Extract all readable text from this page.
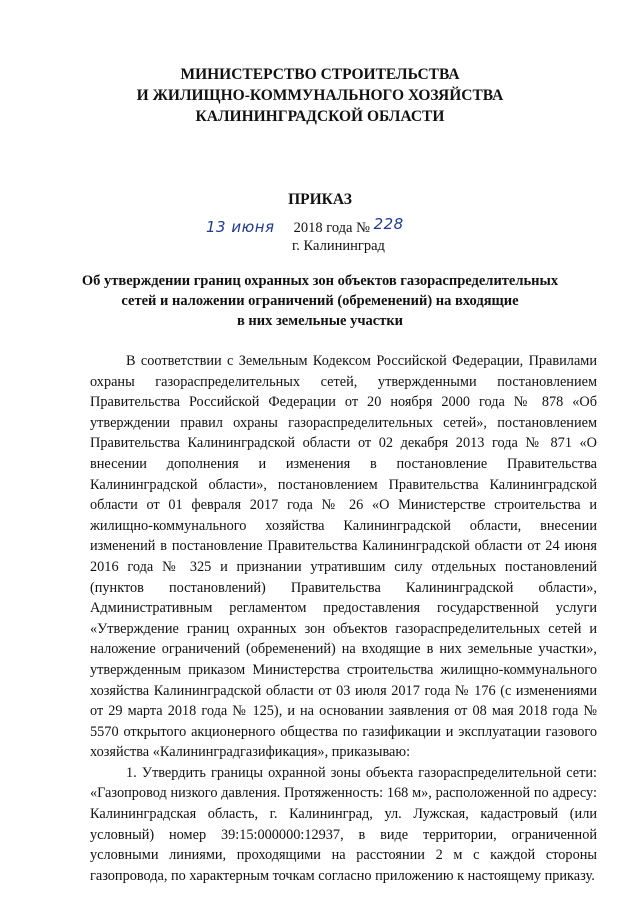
МИНИСТЕРСТВО СТРОИТЕЛЬСТВА
И ЖИЛИЩНО-КОММУНАЛЬНОГО ХОЗЯЙСТВА
КАЛИНИНГРАДСКОЙ ОБЛАСТИ
ПРИКАЗ
13 июня 2018 года № 228
г. Калининград
Об утверждении границ охранных зон объектов газораспределительных
сетей и наложении ограничений (обременений) на входящие
в них земельные участки

В соответствии с Земельным Кодексом Российской Федерации, Правилами охраны газораспределительных сетей, утвержденными постановлением Правительства Российской Федерации от 20 ноября 2000 года № 878 «Об утверждении правил охраны газораспределительных сетей», постановлением Правительства Калининградской области от 02 декабря 2013 года № 871 «О внесении дополнения и изменения в постановление Правительства Калининградской области», постановлением Правительства Калининградской области от 01 февраля 2017 года № 26 «О Министерстве строительства и жилищно-коммунального хозяйства Калининградской области, внесении изменений в постановление Правительства Калининградской области от 24 июня 2016 года № 325 и признании утратившим силу отдельных постановлений (пунктов постановлений) Правительства Калининградской области», Административным регламентом предоставления государственной услуги «Утверждение границ охранных зон объектов газораспределительных сетей и наложение ограничений (обременений) на входящие в них земельные участки», утвержденным приказом Министерства строительства жилищно-коммунального хозяйства Калининградской области от 03 июля 2017 года № 176 (с изменениями от 29 марта 2018 года № 125), и на основании заявления от 08 мая 2018 года № 5570 открытого акционерного общества по газификации и эксплуатации газового хозяйства «Калининградгазификация», приказываю:

1. Утвердить границы охранной зоны объекта газораспределительной сети: «Газопровод низкого давления. Протяженность: 168 м», расположенной по адресу: Калининградская область, г. Калининград, ул. Лужская, кадастровый (или условный) номер 39:15:000000:12937, в виде территории, ограниченной условными линиями, проходящими на расстоянии 2 м с каждой стороны газопровода, по характерным точкам согласно приложению к настоящему приказу.
